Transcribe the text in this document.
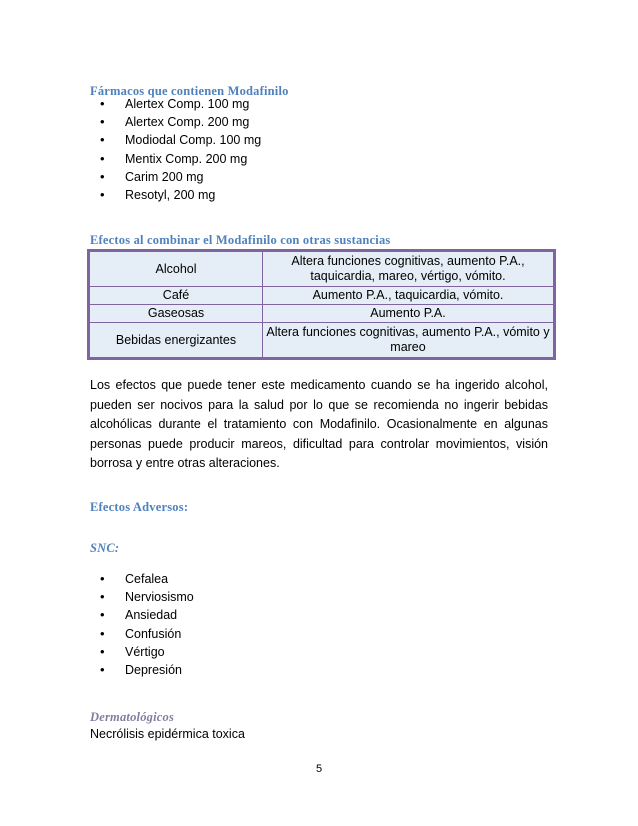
Fármacos que contienen Modafinilo
• Alertex Comp. 100 mg
• Alertex Comp. 200 mg
• Modiodal Comp. 100 mg
• Mentix Comp. 200 mg
• Carim 200 mg
• Resotyl, 200 mg
Efectos al combinar el Modafinilo con otras sustancias
Alcohol	Altera funciones cognitivas, aumento P.A., taquicardia, mareo, vértigo, vómito.
Café	Aumento P.A., taquicardia, vómito.
Gaseosas	Aumento P.A.
Bebidas energizantes	Altera funciones cognitivas, aumento P.A., vómito y mareo
Los efectos que puede tener este medicamento cuando se ha ingerido alcohol, pueden ser nocivos para la salud por lo que se recomienda no ingerir bebidas alcohólicas durante el tratamiento con Modafinilo. Ocasionalmente en algunas personas puede producir mareos, dificultad para controlar movimientos, visión borrosa y entre otras alteraciones.
Efectos Adversos:
SNC:
• Cefalea
• Nerviosismo
• Ansiedad
• Confusión
• Vértigo
• Depresión
Dermatológicos
Necrólisis epidérmica toxica
5
